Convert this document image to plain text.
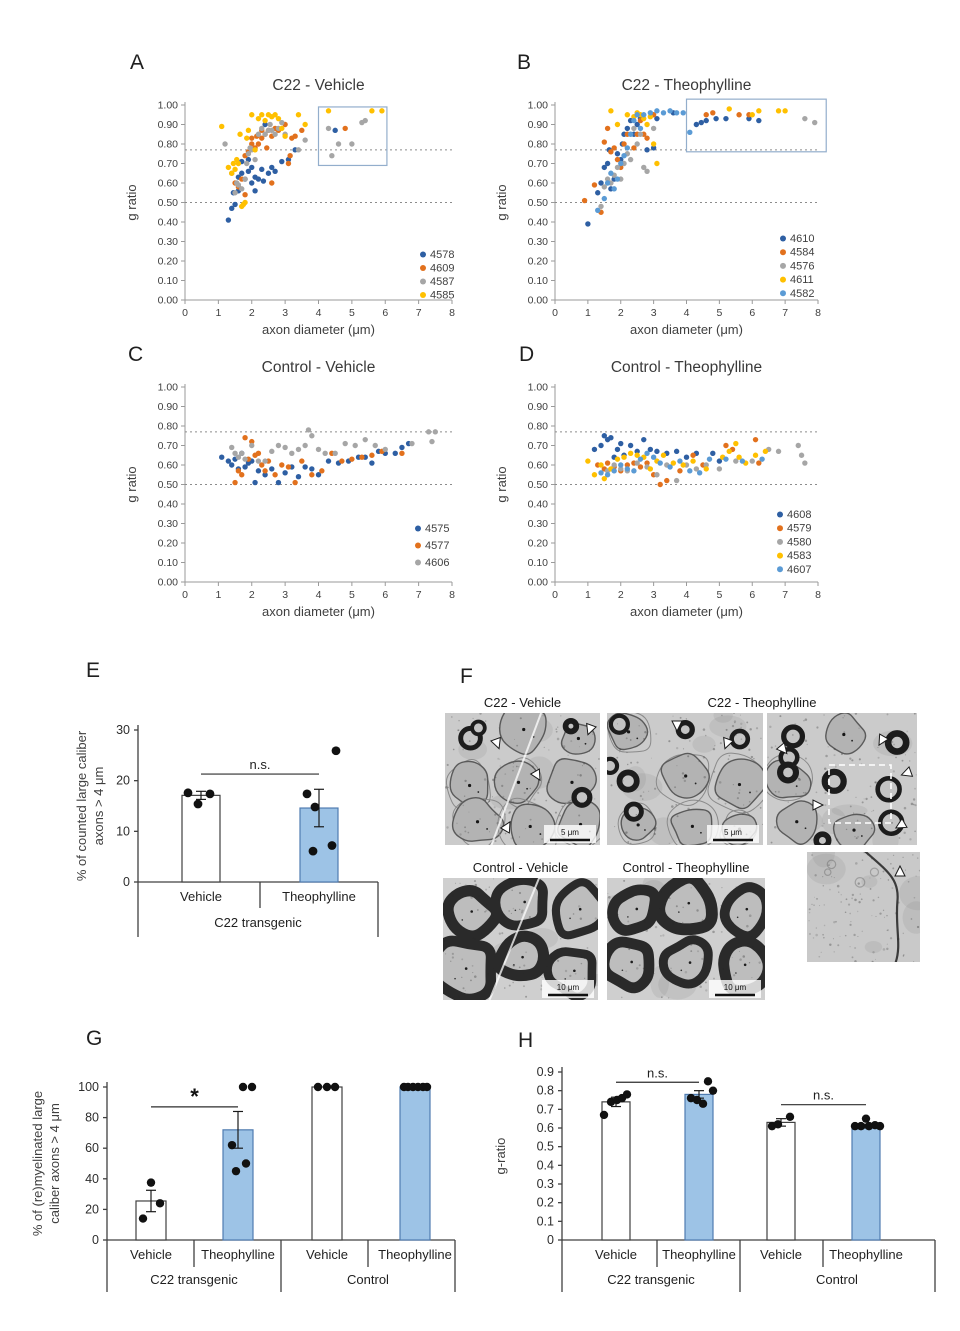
A	B
C	D
E	F
G	H
C22 - Vehicle	C22 - Theophylline
Control - Vehicle	Control - Theophylline
C22 - Vehicle
0.00
0.10
0.20
0.30
0.40
0.50
0.60
0.70
0.80
0.90
1.00
0	1	2	3	4	5	6	7	8
4578
4609
4587
4585
g ratio
axon diameter (μm)
C22 - Theophylline
0.00
0.10
0.20
0.30
0.40
0.50
0.60
0.70
0.80
0.90
1.00
0	1	2	3	4	5	6	7	8
4610
4584
4576
4611
4582
g ratio
axon diameter (μm)
Control - Vehicle
0.00
0.10
0.20
0.30
0.40
0.50
0.60
0.70
0.80
0.90
1.00
0	1	2	3	4	5	6	7	8
4575
4577
4606
g ratio
axon diameter (μm)
Control - Theophylline
0.00
0.10
0.20
0.30
0.40
0.50
0.60
0.70
0.80
0.90
1.00
0	1	2	3	4	5	6	7	8
4608
4579
4580
4583
4607
g ratio
axon diameter (μm)
0
10
20
30
Vehicle	Theophylline
C22 transgenic
n.s.
% of counted large caliber axons > 4 μm
0
20
40
60
80
100
Vehicle Theophylline
C22 transgenic
Vehicle Theophylline
Control
*
% of (re)myelinated large caliber axons > 4 μm
0
0.1
0.2
0.3
0.4
0.5
0.6
0.7
0.8
0.9
Vehicle Theophylline
C22 transgenic
Vehicle Theophylline
Control
n.s.
n.s.
g-ratio
5 μm	5 μm
10 μm	10 μm
